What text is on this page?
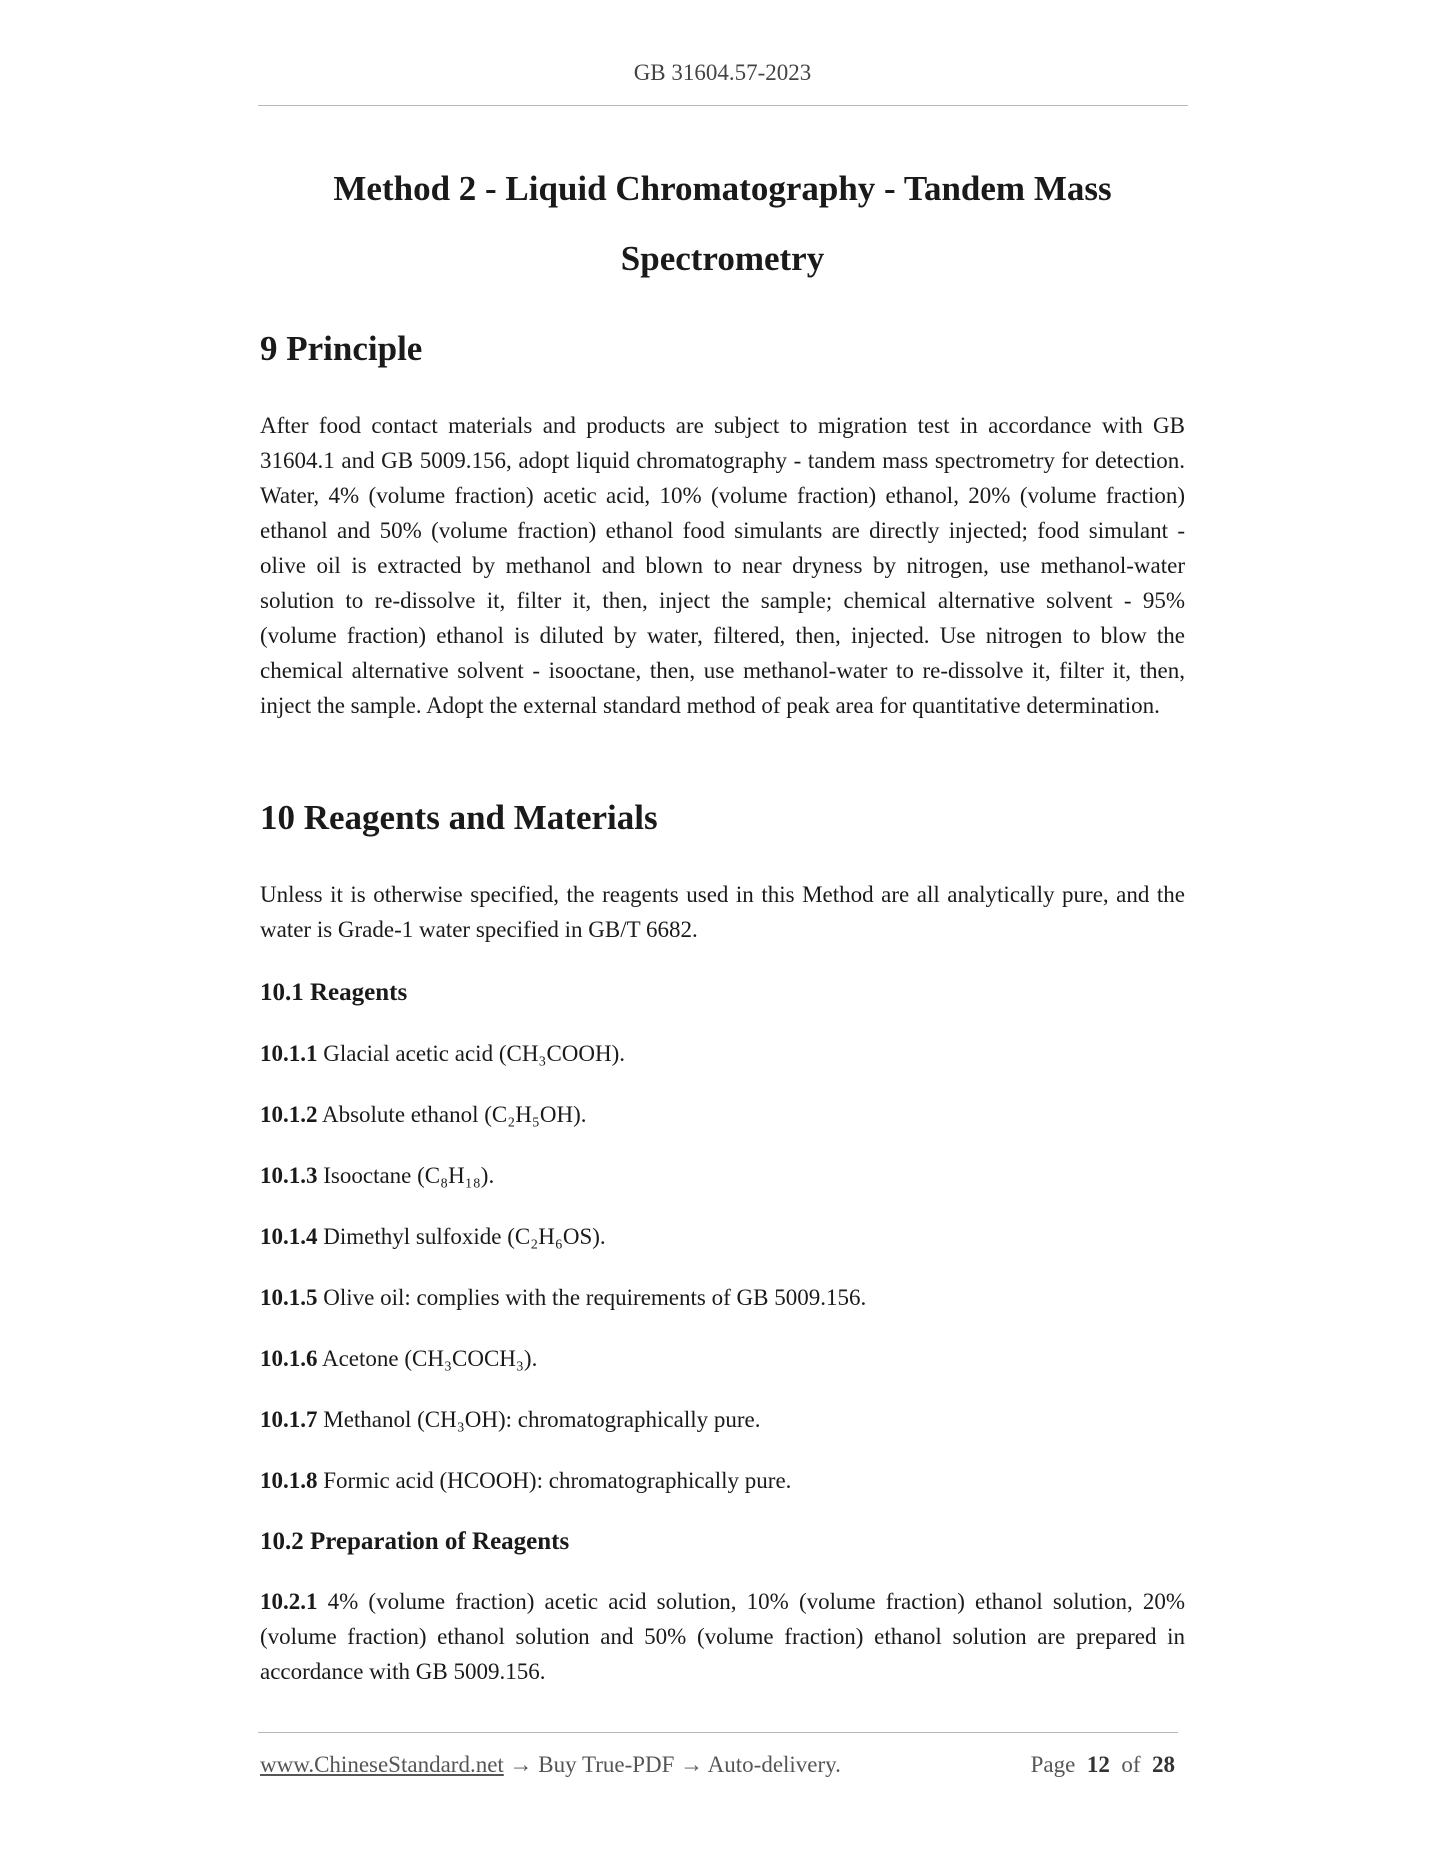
GB 31604.57-2023
Method 2 - Liquid Chromatography - Tandem Mass Spectrometry
9 Principle

After food contact materials and products are subject to migration test in accordance with GB 31604.1 and GB 5009.156, adopt liquid chromatography - tandem mass spectrometry for detection. Water, 4% (volume fraction) acetic acid, 10% (volume fraction) ethanol, 20% (volume fraction) ethanol and 50% (volume fraction) ethanol food simulants are directly injected; food simulant - olive oil is extracted by methanol and blown to near dryness by nitrogen, use methanol-water solution to re-dissolve it, filter it, then, inject the sample; chemical alternative solvent - 95% (volume fraction) ethanol is diluted by water, filtered, then, injected. Use nitrogen to blow the chemical alternative solvent - isooctane, then, use methanol-water to re-dissolve it, filter it, then, inject the sample. Adopt the external standard method of peak area for quantitative determination.

10 Reagents and Materials

Unless it is otherwise specified, the reagents used in this Method are all analytically pure, and the water is Grade-1 water specified in GB/T 6682.

10.1 Reagents

10.1.1 Glacial acetic acid (CH₃COOH).

10.1.2 Absolute ethanol (C₂H₅OH).

10.1.3 Isooctane (C₈H₁₈).

10.1.4 Dimethyl sulfoxide (C₂H₆OS).

10.1.5 Olive oil: complies with the requirements of GB 5009.156.

10.1.6 Acetone (CH₃COCH₃).

10.1.7 Methanol (CH₃OH): chromatographically pure.

10.1.8 Formic acid (HCOOH): chromatographically pure.

10.2 Preparation of Reagents

10.2.1 4% (volume fraction) acetic acid solution, 10% (volume fraction) ethanol solution, 20% (volume fraction) ethanol solution and 50% (volume fraction) ethanol solution are prepared in accordance with GB 5009.156.

www.ChineseStandard.net → Buy True-PDF → Auto-delivery.	Page 12 of 28
